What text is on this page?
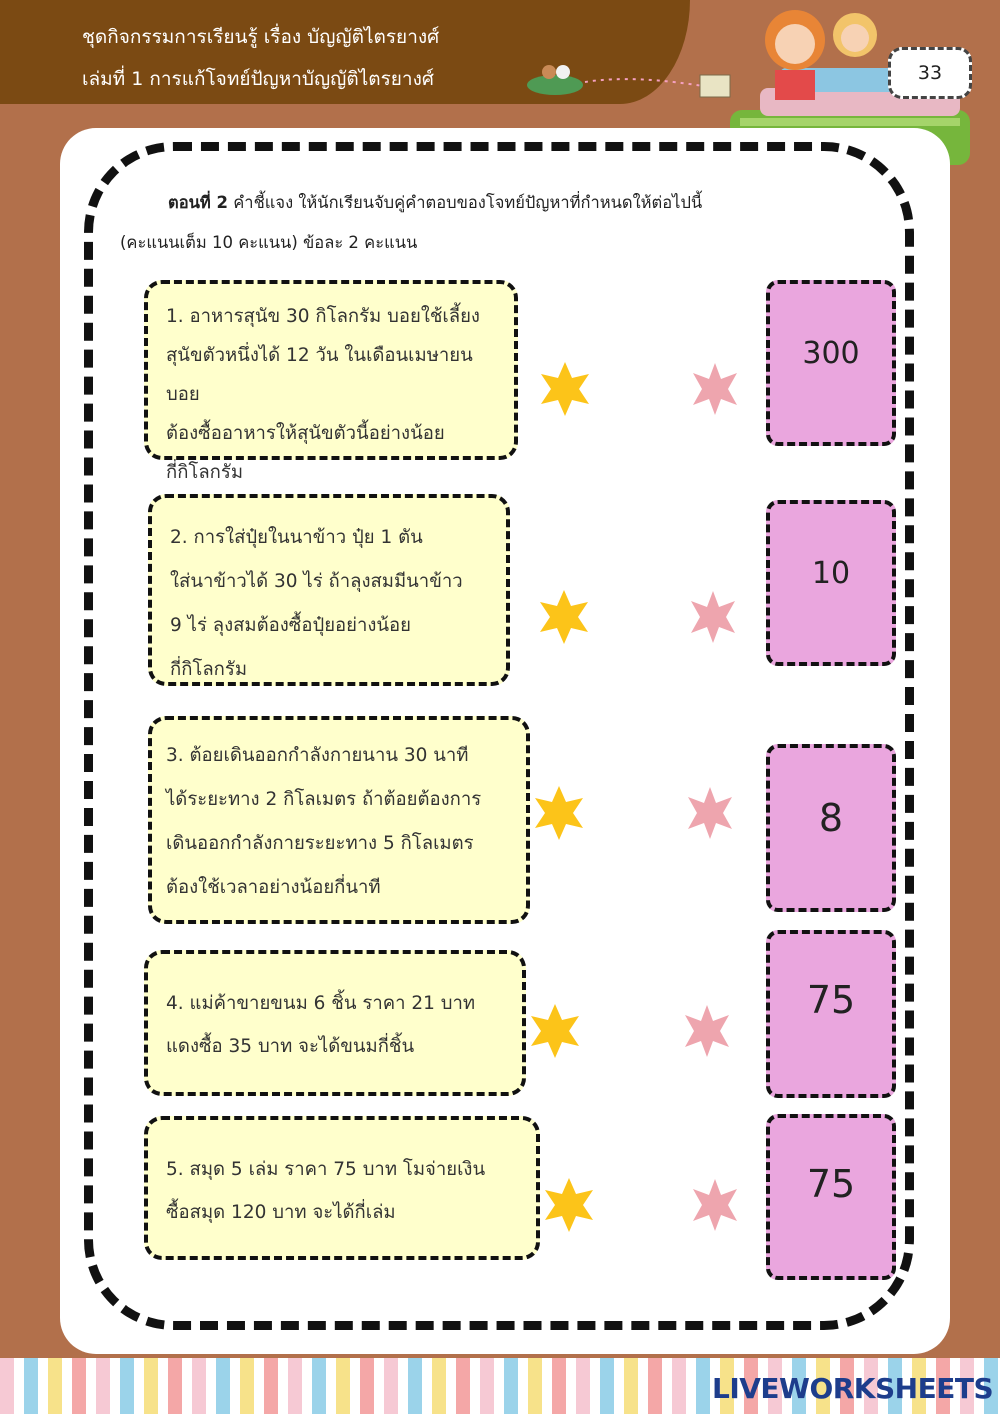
ชุดกิจกรรมการเรียนรู้ เรื่อง บัญญัติไตรยางศ์
เล่มที่ 1 การแก้โจทย์ปัญหาบัญญัติไตรยางศ์	33
ตอนที่ 2 คำชี้แจง ให้นักเรียนจับคู่คำตอบของโจทย์ปัญหาที่กำหนดให้ต่อไปนี้
(คะแนนเต็ม 10 คะแนน) ข้อละ 2 คะแนน
1. อาหารสุนัข 30 กิโลกรัม บอยใช้เลี้ยง
สุนัขตัวหนึ่งได้ 12 วัน ในเดือนเมษายนบอย
ต้องซื้ออาหารให้สุนัขตัวนี้อย่างน้อย
กี่กิโลกรัม
2. การใส่ปุ๋ยในนาข้าว ปุ๋ย 1 ตัน
ใส่นาข้าวได้ 30 ไร่ ถ้าลุงสมมีนาข้าว
9 ไร่ ลุงสมต้องซื้อปุ๋ยอย่างน้อย
กี่กิโลกรัม
3. ต้อยเดินออกกำลังกายนาน 30 นาที
ได้ระยะทาง 2 กิโลเมตร ถ้าต้อยต้องการ
เดินออกกำลังกายระยะทาง 5 กิโลเมตร
ต้องใช้เวลาอย่างน้อยกี่นาที
4. แม่ค้าขายขนม 6 ชิ้น ราคา 21 บาท
แดงซื้อ 35 บาท จะได้ขนมกี่ชิ้น
5. สมุด 5 เล่ม ราคา 75 บาท โมจ่ายเงิน
ซื้อสมุด 120 บาท จะได้กี่เล่ม
300
10
8
75
75
LIVEWORKSHEETS
